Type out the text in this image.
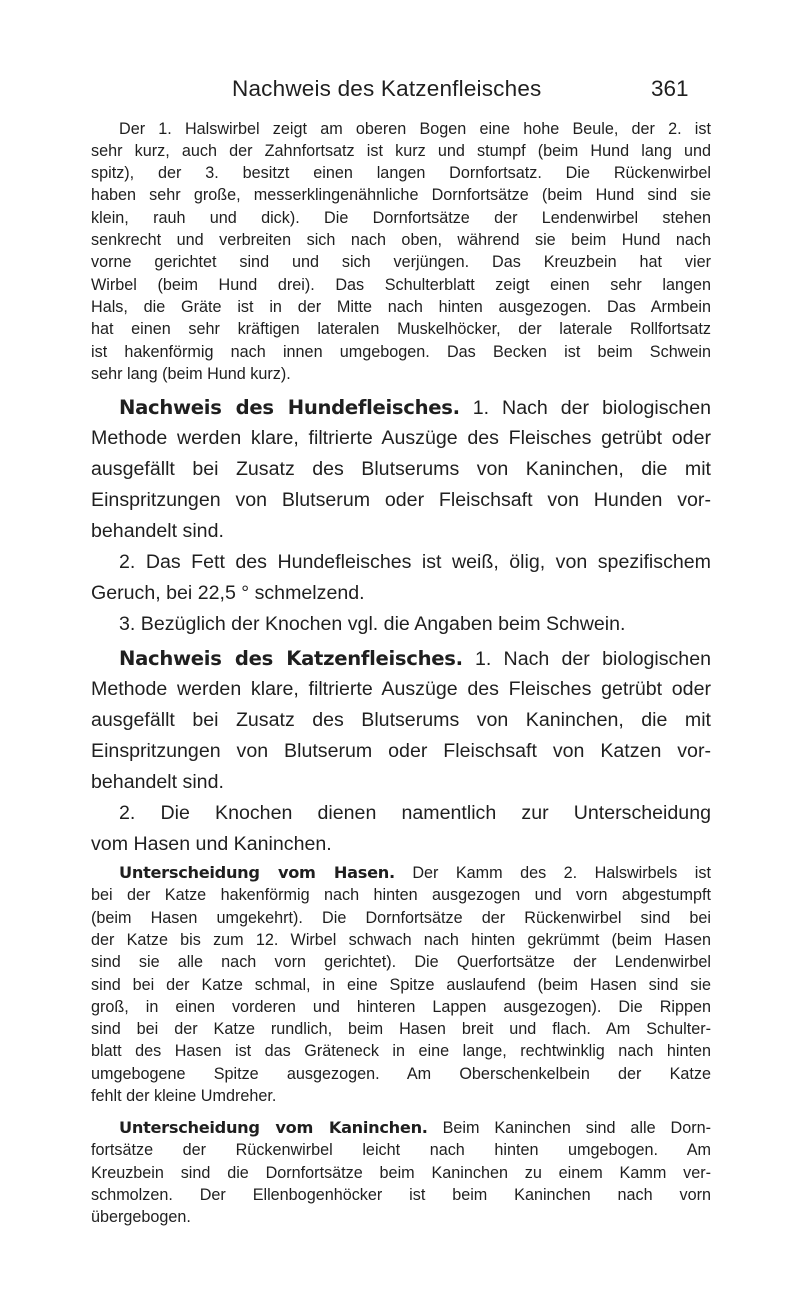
Nachweis des Katzenfleisches	361
Der 1. Halswirbel zeigt am oberen Bogen eine hohe Beule, der 2. ist
sehr kurz, auch der Zahnfortsatz ist kurz und stumpf (beim Hund lang und
spitz), der 3. besitzt einen langen Dornfortsatz. Die Rückenwirbel
haben sehr große, messerklingenähnliche Dornfortsätze (beim Hund sind sie
klein, rauh und dick). Die Dornfortsätze der Lendenwirbel stehen
senkrecht und verbreiten sich nach oben, während sie beim Hund nach
vorne gerichtet sind und sich verjüngen. Das Kreuzbein hat vier
Wirbel (beim Hund drei). Das Schulterblatt zeigt einen sehr langen
Hals, die Gräte ist in der Mitte nach hinten ausgezogen. Das Armbein
hat einen sehr kräftigen lateralen Muskelhöcker, der laterale Rollfortsatz
ist hakenförmig nach innen umgebogen. Das Becken ist beim Schwein
sehr lang (beim Hund kurz).
Nachweis des Hundefleisches. 1. Nach der biologischen
Methode werden klare, filtrierte Auszüge des Fleisches getrübt oder
ausgefällt bei Zusatz des Blutserums von Kaninchen, die mit
Einspritzungen von Blutserum oder Fleischsaft von Hunden vor-
behandelt sind.
2. Das Fett des Hundefleisches ist weiß, ölig, von spezifischem
Geruch, bei 22,5 ° schmelzend.
3. Bezüglich der Knochen vgl. die Angaben beim Schwein.
Nachweis des Katzenfleisches. 1. Nach der biologischen
Methode werden klare, filtrierte Auszüge des Fleisches getrübt oder
ausgefällt bei Zusatz des Blutserums von Kaninchen, die mit
Einspritzungen von Blutserum oder Fleischsaft von Katzen vor-
behandelt sind.
2. Die Knochen dienen namentlich zur Unterscheidung
vom Hasen und Kaninchen.
Unterscheidung vom Hasen. Der Kamm des 2. Halswirbels ist
bei der Katze hakenförmig nach hinten ausgezogen und vorn abgestumpft
(beim Hasen umgekehrt). Die Dornfortsätze der Rückenwirbel sind bei
der Katze bis zum 12. Wirbel schwach nach hinten gekrümmt (beim Hasen
sind sie alle nach vorn gerichtet). Die Querfortsätze der Lendenwirbel
sind bei der Katze schmal, in eine Spitze auslaufend (beim Hasen sind sie
groß, in einen vorderen und hinteren Lappen ausgezogen). Die Rippen
sind bei der Katze rundlich, beim Hasen breit und flach. Am Schulter-
blatt des Hasen ist das Gräteneck in eine lange, rechtwinklig nach hinten
umgebogene Spitze ausgezogen. Am Oberschenkelbein der Katze
fehlt der kleine Umdreher.
Unterscheidung vom Kaninchen. Beim Kaninchen sind alle Dorn-
fortsätze der Rückenwirbel leicht nach hinten umgebogen. Am
Kreuzbein sind die Dornfortsätze beim Kaninchen zu einem Kamm ver-
schmolzen. Der Ellenbogenhöcker ist beim Kaninchen nach vorn
übergebogen.
